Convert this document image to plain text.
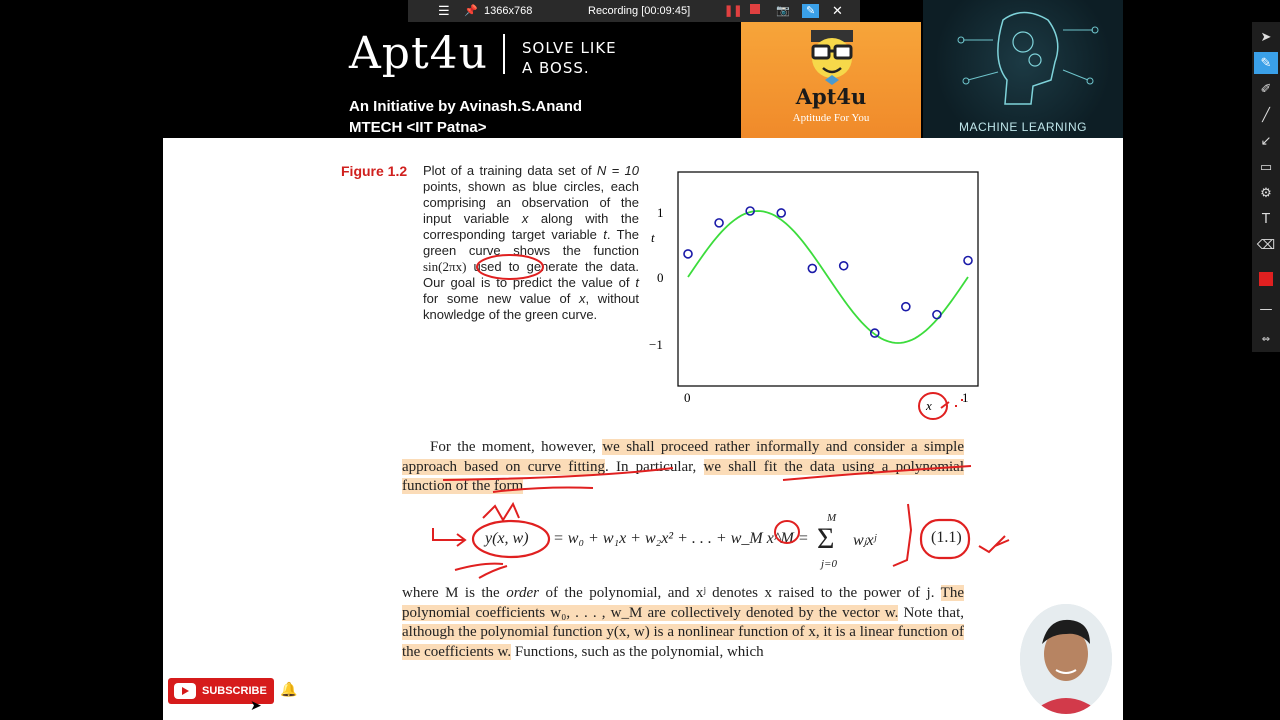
Apt4u SOLVE LIKE
A BOSS.
An Initiative by Avinash.S.Anand
MTECH <IIT Patna>
Apt4u
Aptitude For You
MACHINE LEARNING
☰ 📌 1366x768	Recording [00:09:45]	❚❚	📷	✎	✕
Figure 1.2 Plot of a training data set of N = 10 points, shown as blue circles, each comprising an observation of the input variable x along with the corresponding target variable t. The green curve shows the function sin(2πx) used to generate the data. Our goal is to predict the value of t for some new value of x, without knowledge of the green curve.
1
0
−1
t
0	1
x
For the moment, however, we shall proceed rather informally and consider a simple approach based on curve fitting. In particular, we shall fit the data using a polynomial function of the form
y(x, w) = w₀ + w₁x + w₂x² + . . . + w_M x^M =
M
Σ
j=0
wⱼxʲ	(1.1)
where M is the order of the polynomial, and xʲ denotes x raised to the power of j. The polynomial coefficients w₀, . . . , w_M are collectively denoted by the vector w. Note that, although the polynomial function y(x, w) is a nonlinear function of x, it is a linear function of the coefficients w. Functions, such as the polynomial, which
➤
✎
✐
╱
↙
▭
⚙
T
⌫
—
⇔
SUBSCRIBE 🔔
➤
